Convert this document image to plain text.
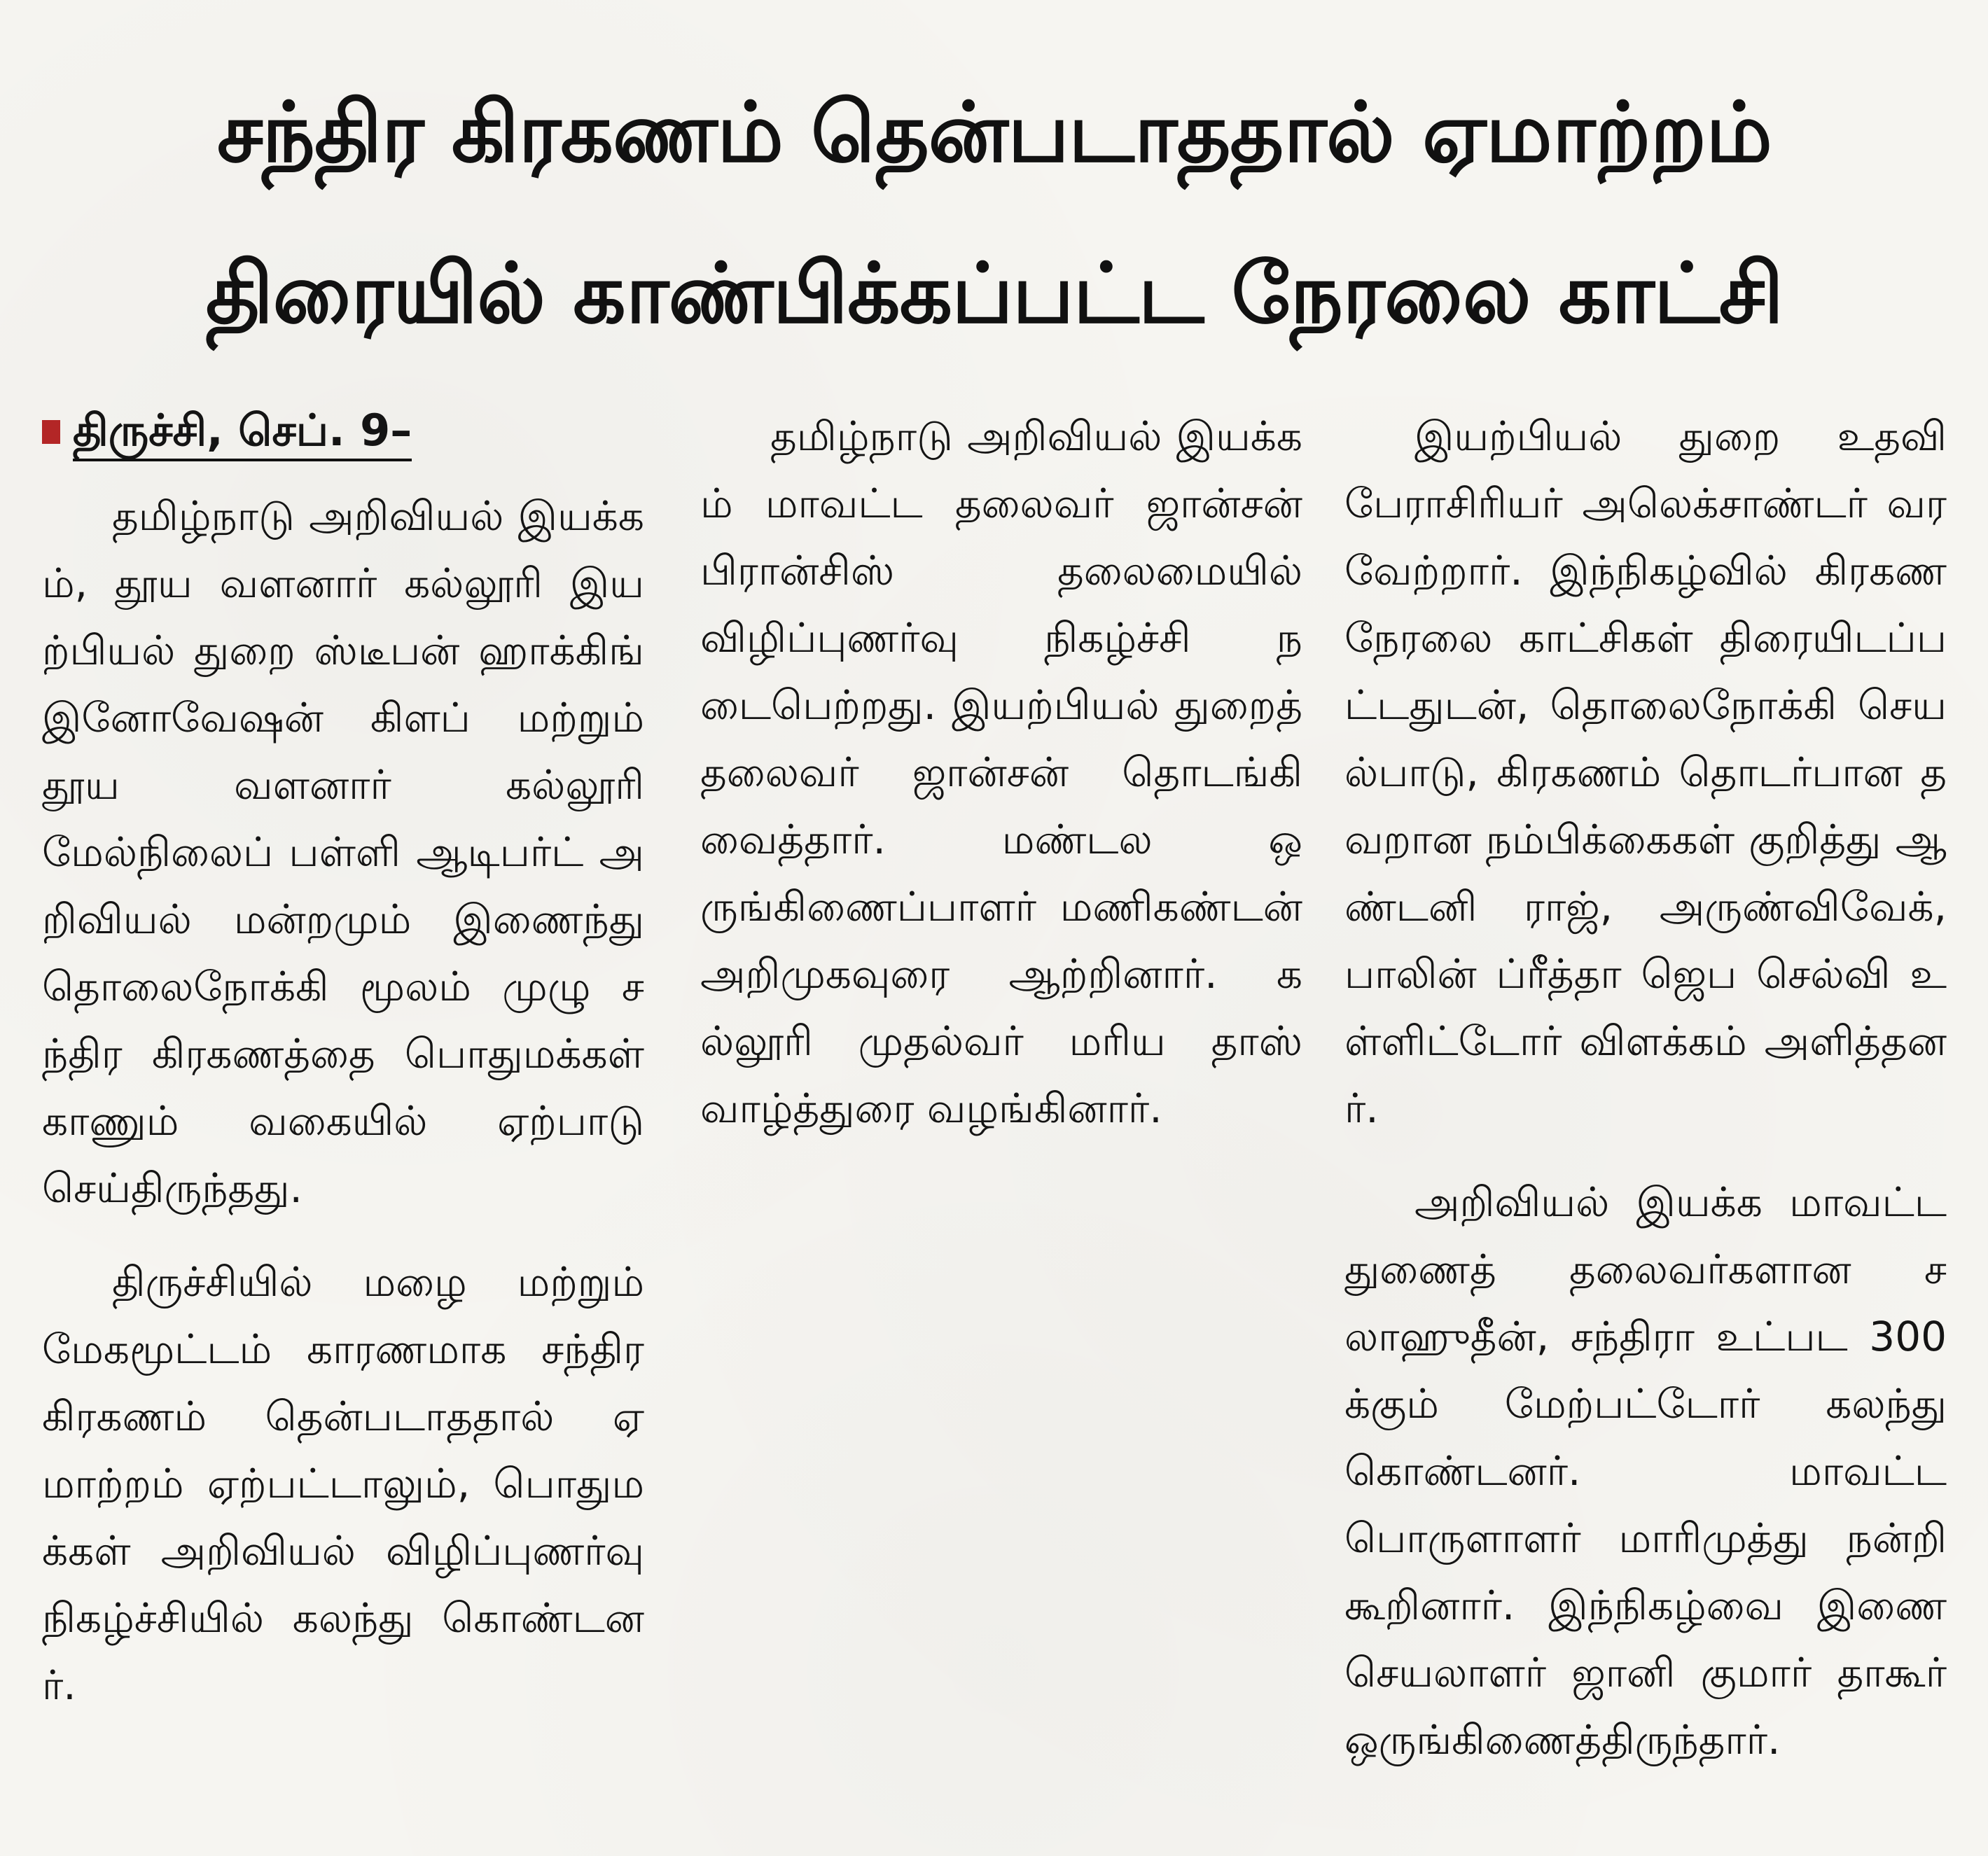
சந்திர கிரகணம் தென்படாததால் ஏமாற்றம்
திரையில் காண்பிக்கப்பட்ட நேரலை காட்சி
திருச்சி, செப். 9–

தமிழ்நாடு அறிவியல் இயக்கம், தூய வளனார் கல்லூரி இயற்பியல் துறை ஸ்டீபன் ஹாக்கிங் இனோவேஷன் கிளப் மற்றும் தூய வளனார் கல்லூரி மேல்நிலைப் பள்ளி ஆடிபர்ட் அறிவியல் மன்றமும் இணைந்து தொலைநோக்கி மூலம் முழு சந்திர கிரகணத்தை பொதுமக்கள் காணும் வகையில் ஏற்பாடு செய்திருந்தது.

திருச்சியில் மழை மற்றும் மேகமூட்டம் காரணமாக சந்திர கிரகணம் தென்படாததால் ஏமாற்றம் ஏற்பட்டாலும், பொதுமக்கள் அறிவியல் விழிப்புணர்வு நிகழ்ச்சியில் கலந்து கொண்டனர்.

தமிழ்நாடு அறிவியல் இயக்கம் மாவட்ட தலைவர் ஜான்சன் பிரான்சிஸ் தலைமையில் விழிப்புணர்வு நிகழ்ச்சி நடைபெற்றது. இயற்பியல் துறைத் தலைவர் ஜான்சன் தொடங்கி வைத்தார். மண்டல ஒருங்கிணைப்பாளர் மணிகண்டன் அறிமுகவுரை ஆற்றினார். கல்லூரி முதல்வர் மரிய தாஸ் வாழ்த்துரை வழங்கினார்.

இயற்பியல் துறை உதவி பேராசிரியர் அலெக்சாண்டர் வரவேற்றார். இந்நிகழ்வில் கிரகண நேரலை காட்சிகள் திரையிடப்பட்டதுடன், தொலைநோக்கி செயல்பாடு, கிரகணம் தொடர்பான தவறான நம்பிக்கைகள் குறித்து ஆண்டனி ராஜ், அருண்விவேக், பாலின் ப்ரீத்தா ஜெப செல்வி உள்ளிட்டோர் விளக்கம் அளித்தனர்.

அறிவியல் இயக்க மாவட்ட துணைத் தலைவர்களான சலாஹுதீன், சந்திரா உட்பட 300க்கும் மேற்பட்டோர் கலந்து கொண்டனர். மாவட்ட பொருளாளர் மாரிமுத்து நன்றி கூறினார். இந்நிகழ்வை இணை செயலாளர் ஜானி குமார் தாகூர் ஒருங்கிணைத்திருந்தார்.
